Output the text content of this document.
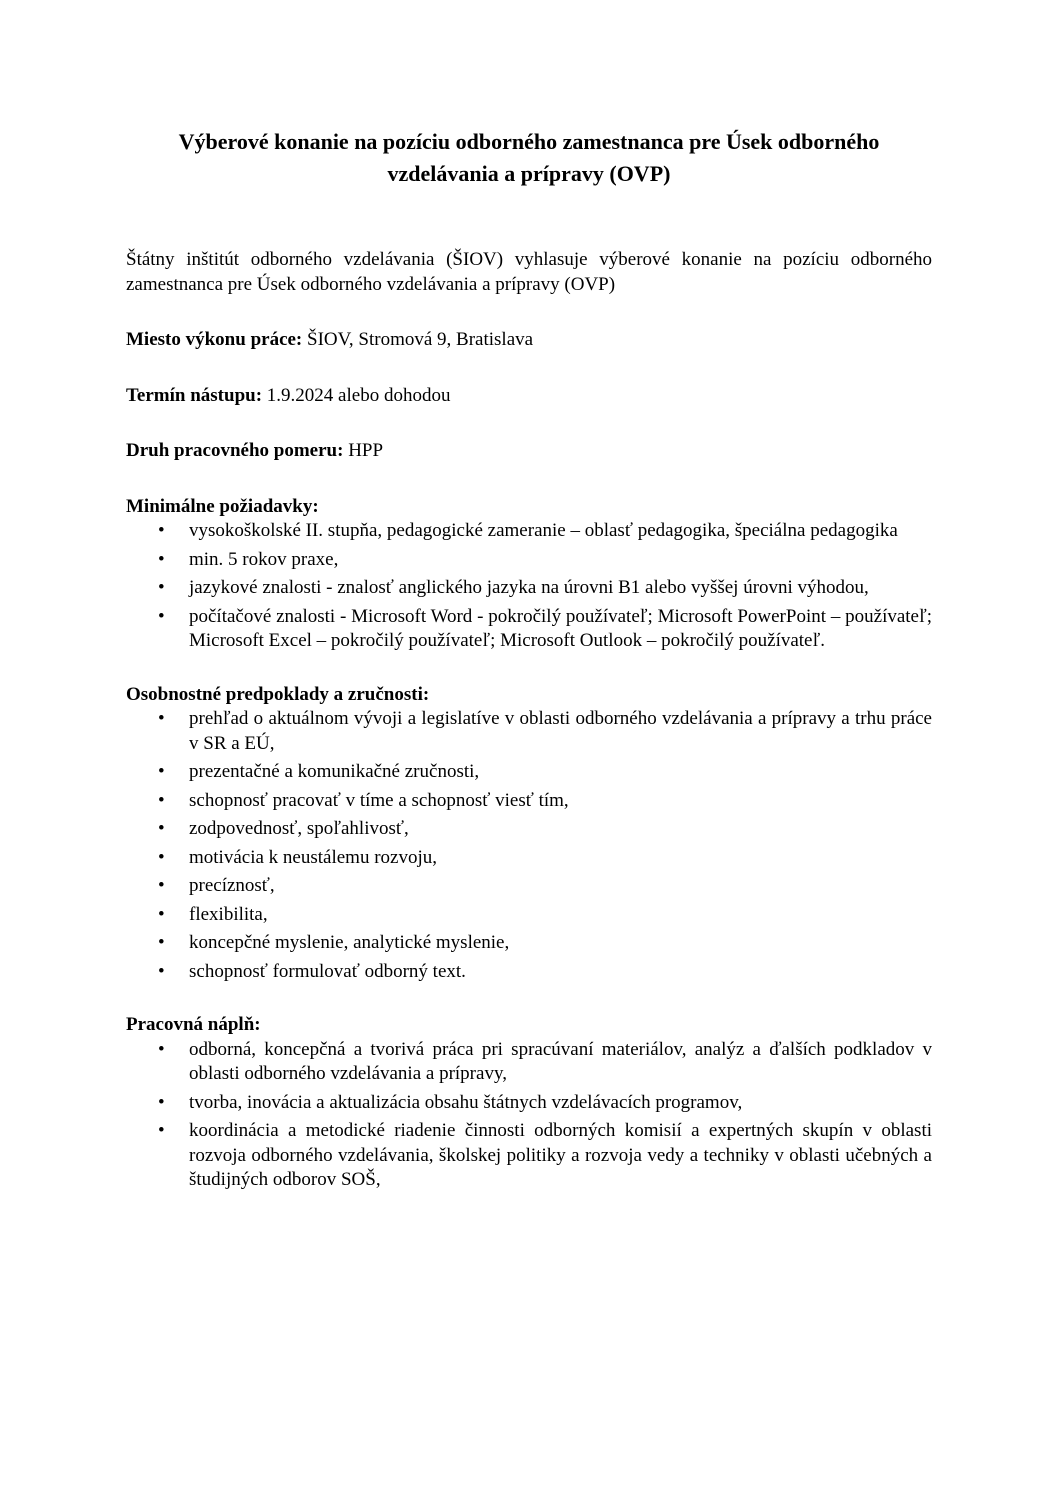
Výberové konanie na pozíciu odborného zamestnanca pre Úsek odborného vzdelávania a prípravy (OVP)

Štátny inštitút odborného vzdelávania (ŠIOV) vyhlasuje výberové konanie na pozíciu odborného zamestnanca pre Úsek odborného vzdelávania a prípravy (OVP)

Miesto výkonu práce: ŠIOV, Stromová 9, Bratislava

Termín nástupu: 1.9.2024 alebo dohodou

Druh pracovného pomeru: HPP

Minimálne požiadavky:

• vysokoškolské II. stupňa, pedagogické zameranie – oblasť pedagogika, špeciálna pedagogika
• min. 5 rokov praxe,
• jazykové znalosti - znalosť anglického jazyka na úrovni B1 alebo vyššej úrovni výhodou,
• počítačové znalosti - Microsoft Word - pokročilý používateľ; Microsoft PowerPoint – používateľ; Microsoft Excel – pokročilý používateľ; Microsoft Outlook – pokročilý používateľ.

Osobnostné predpoklady a zručnosti:

• prehľad o aktuálnom vývoji a legislatíve v oblasti odborného vzdelávania a prípravy a trhu práce v SR a EÚ,
• prezentačné a komunikačné zručnosti,
• schopnosť pracovať v tíme a schopnosť viesť tím,
• zodpovednosť, spoľahlivosť,
• motivácia k neustálemu rozvoju,
• precíznosť,
• flexibilita,
• koncepčné myslenie, analytické myslenie,
• schopnosť formulovať odborný text.

Pracovná náplň:

• odborná, koncepčná a tvorivá práca pri spracúvaní materiálov, analýz a ďalších podkladov v oblasti odborného vzdelávania a prípravy,
• tvorba, inovácia a aktualizácia obsahu štátnych vzdelávacích programov,
• koordinácia a metodické riadenie činnosti odborných komisií a expertných skupín v oblasti rozvoja odborného vzdelávania, školskej politiky a rozvoja vedy a techniky v oblasti učebných a študijných odborov SOŠ,
